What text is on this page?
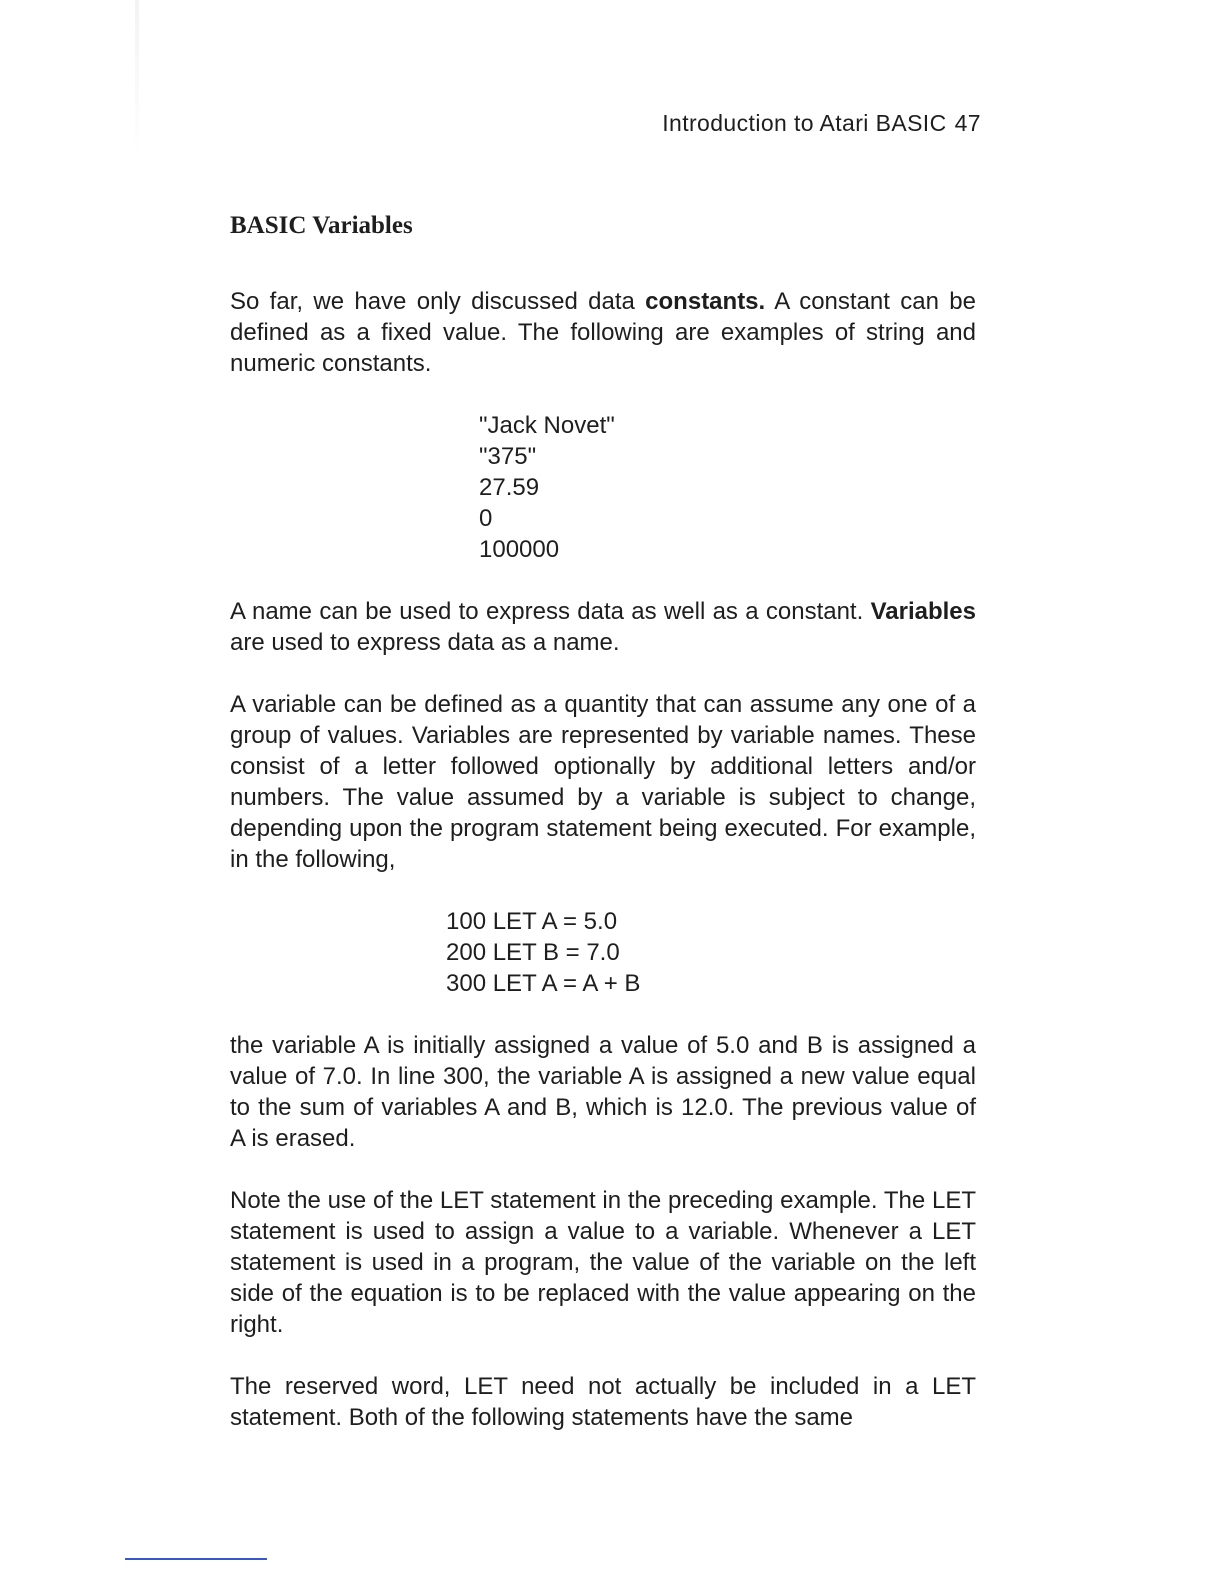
Introduction to Atari BASIC 47
BASIC Variables

So far, we have only discussed data constants. A constant can be defined as a fixed value. The following are examples of string and numeric constants.

"Jack Novet"
"375"
27.59
0
100000

A name can be used to express data as well as a constant. Variables are used to express data as a name.

A variable can be defined as a quantity that can assume any one of a group of values. Variables are represented by variable names. These consist of a letter followed optionally by additional letters and/or numbers. The value assumed by a variable is subject to change, depending upon the program statement being executed. For example, in the following,

100 LET A = 5.0
200 LET B = 7.0
300 LET A = A + B

the variable A is initially assigned a value of 5.0 and B is assigned a value of 7.0. In line 300, the variable A is assigned a new value equal to the sum of variables A and B, which is 12.0. The previous value of A is erased.

Note the use of the LET statement in the preceding example. The LET statement is used to assign a value to a variable. Whenever a LET statement is used in a program, the value of the variable on the left side of the equation is to be replaced with the value appearing on the right.

The reserved word, LET need not actually be included in a LET statement. Both of the following statements have the same
